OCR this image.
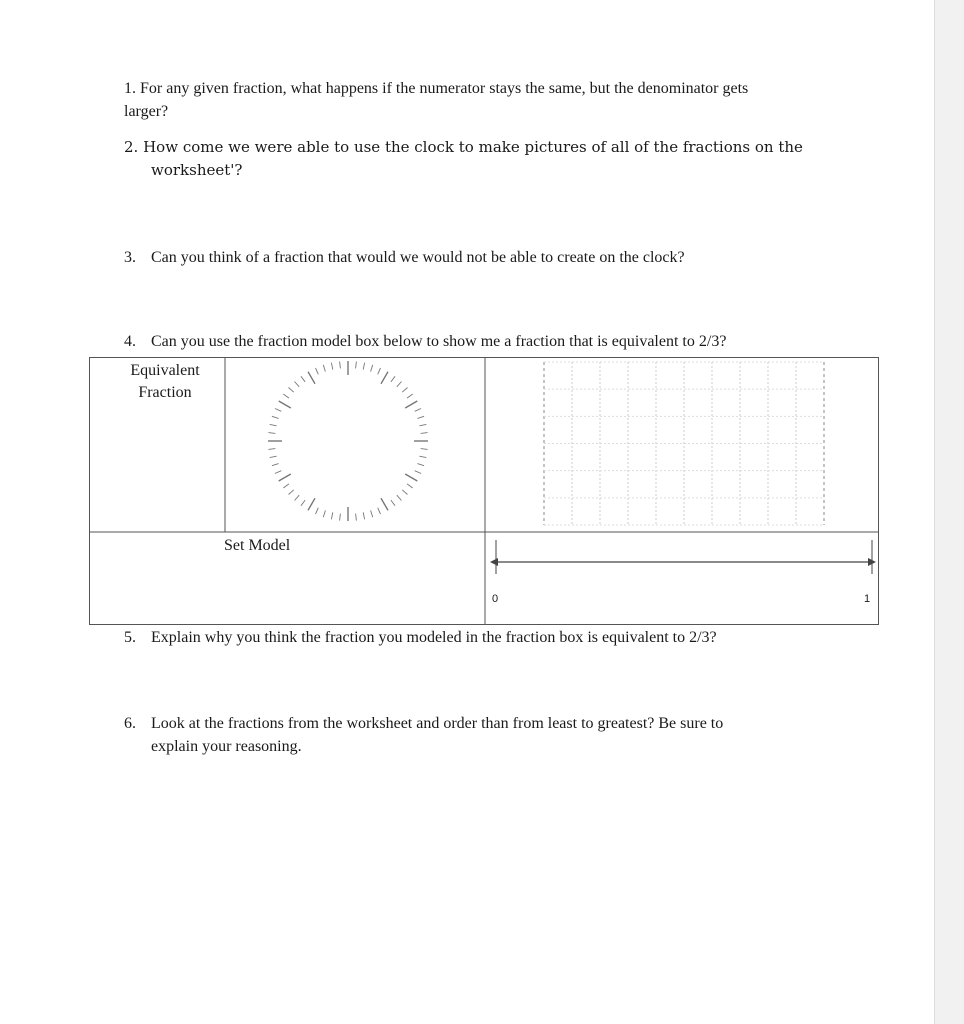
1. For any given fraction, what happens if the numerator stays the same, but the denominator gets
larger?
2. How come we were able to use the clock to make pictures of all of the fractions on the
worksheet'?
3. Can you think of a fraction that would we would not be able to create on the clock?
4. Can you use the fraction model box below to show me a fraction that is equivalent to 2/3?
Equivalent
Fraction
Set Model
0	1
5. Explain why you think the fraction you modeled in the fraction box is equivalent to 2/3?
6. Look at the fractions from the worksheet and order than from least to greatest? Be sure to
explain your reasoning.
